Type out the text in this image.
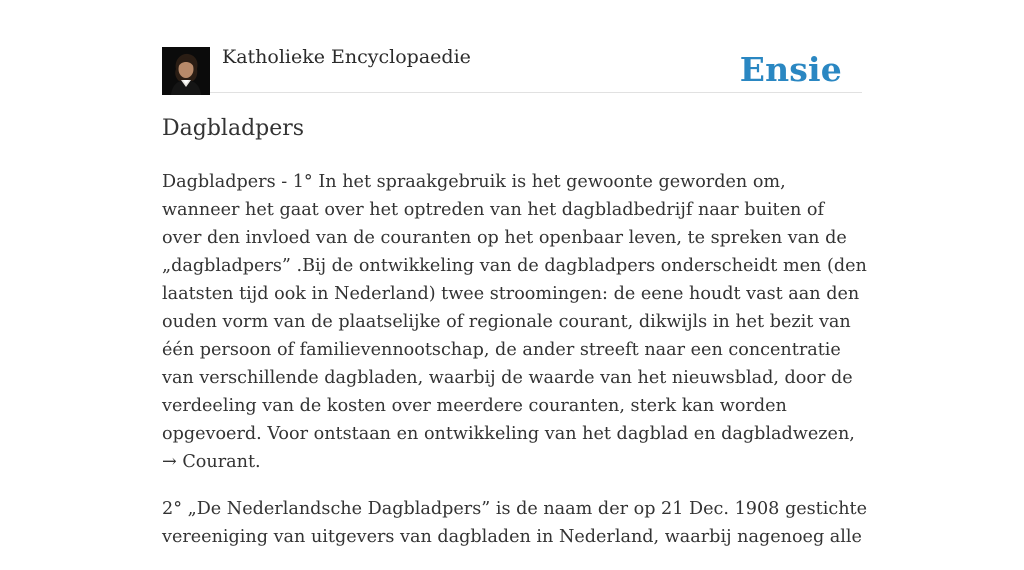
Katholieke Encyclopaedie	Ensie
Dagbladpers

Dagbladpers - 1° In het spraakgebruik is het gewoonte geworden om, wanneer het gaat over het optreden van het dagbladbedrijf naar buiten of over den invloed van de couranten op het openbaar leven, te spreken van de „dagbladpers” .Bij de ontwikkeling van de dagbladpers onderscheidt men (den laatsten tijd ook in Nederland) twee stroomingen: de eene houdt vast aan den ouden vorm van de plaatselijke of regionale courant, dikwijls in het bezit van één persoon of familievennootschap, de ander streeft naar een concentratie van verschillende dagbladen, waarbij de waarde van het nieuwsblad, door de verdeeling van de kosten over meerdere couranten, sterk kan worden opgevoerd. Voor ontstaan en ontwikkeling van het dagblad en dagbladwezen, → Courant.

2° „De Nederlandsche Dagbladpers” is de naam der op 21 Dec. 1908 gestichte vereeniging van uitgevers van dagbladen in Nederland, waarbij nagenoeg alle
